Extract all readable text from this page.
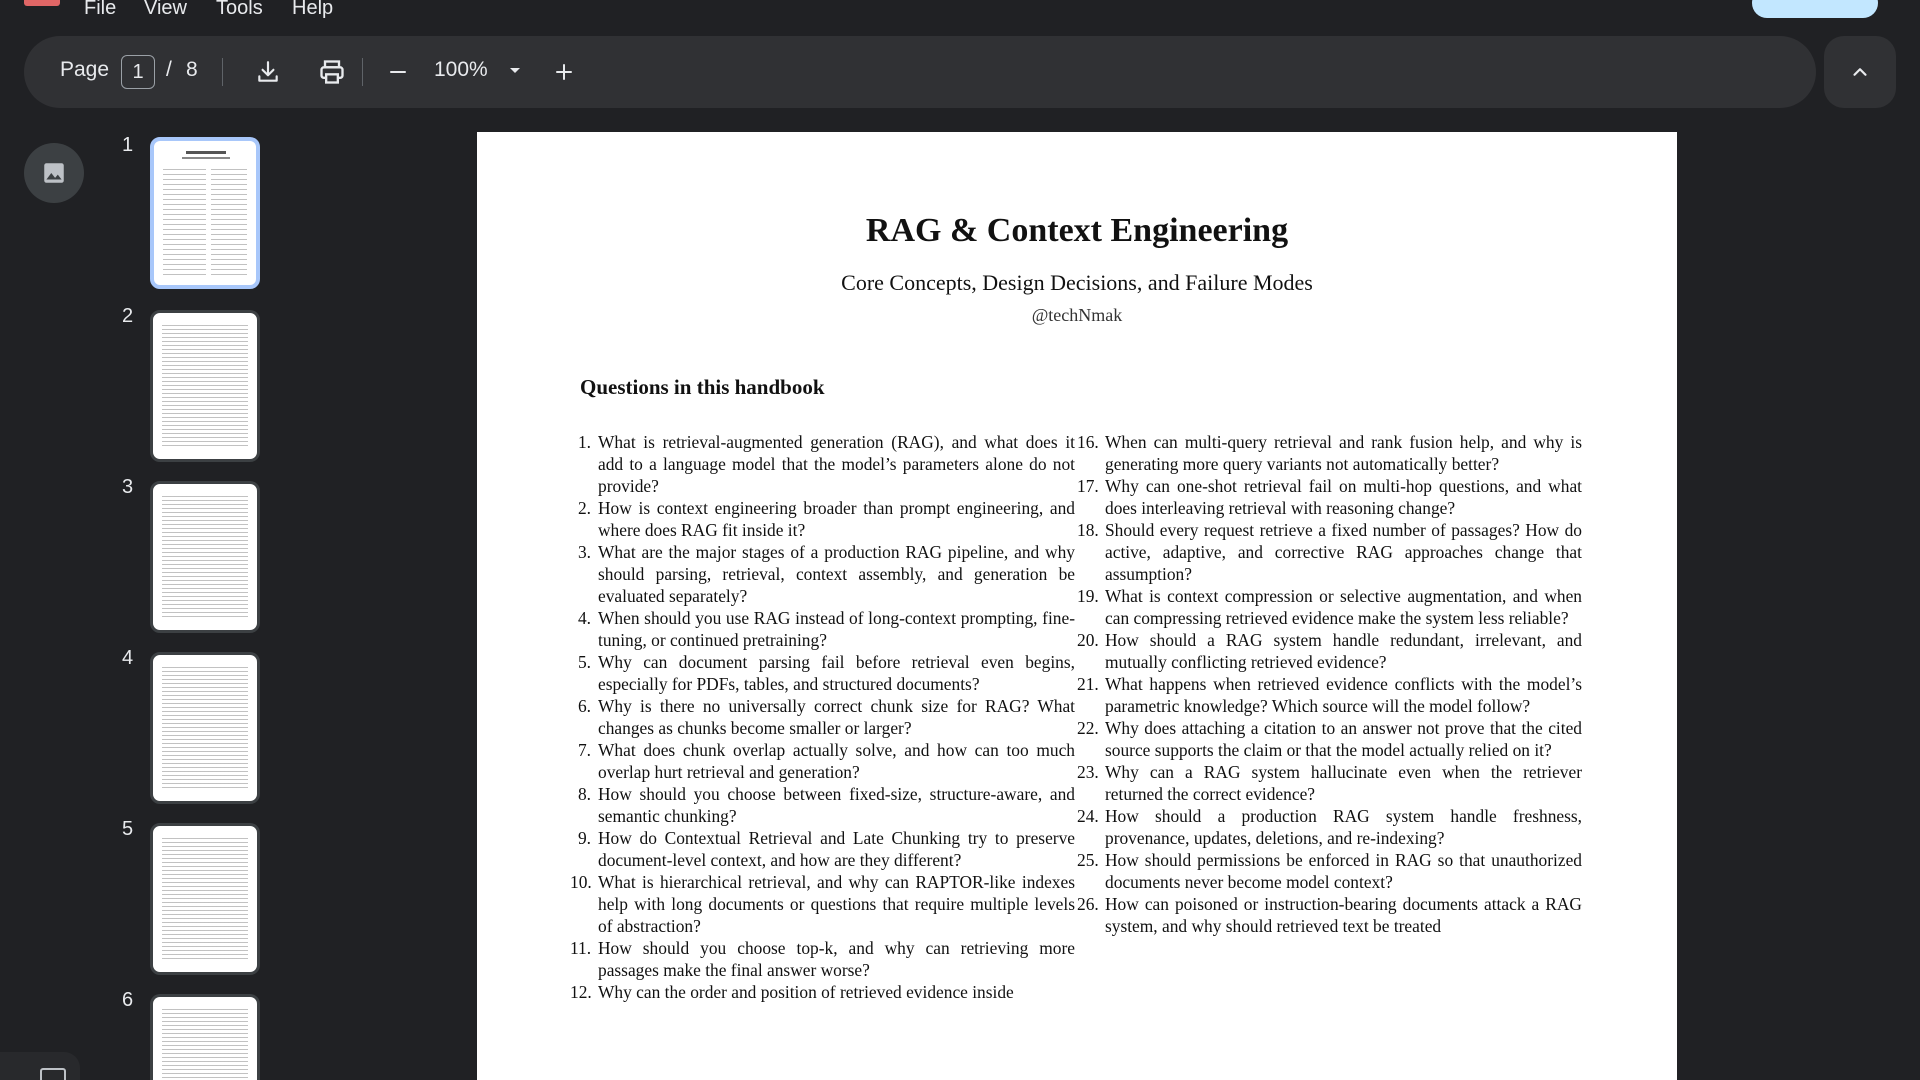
File View Tools Help
Page
1	/ 8	100%
1
2
3
4
5
6
RAG & Context Engineering
Core Concepts, Design Decisions, and Failure Modes
@techNmak
Questions in this handbook
1. What is retrieval-augmented generation (RAG), and what does it add to a language model that the model’s parameters alone do not provide?
2. How is context engineering broader than prompt engineering, and where does RAG fit inside it?
3. What are the major stages of a production RAG pipeline, and why should parsing, retrieval, context assembly, and generation be evaluated separately?
4. When should you use RAG instead of long-context prompting, fine-tuning, or continued pretraining?
5. Why can document parsing fail before retrieval even begins, especially for PDFs, tables, and structured documents?
6. Why is there no universally correct chunk size for RAG? What changes as chunks become smaller or larger?
7. What does chunk overlap actually solve, and how can too much overlap hurt retrieval and generation?
8. How should you choose between fixed-size, structure-aware, and semantic chunking?
9. How do Contextual Retrieval and Late Chunking try to preserve document-level context, and how are they different?
10. What is hierarchical retrieval, and why can RAPTOR-like indexes help with long documents or questions that require multiple levels of abstraction?
11. How should you choose top-k, and why can retrieving more passages make the final answer worse?
12. Why can the order and position of retrieved evidence inside
16. When can multi-query retrieval and rank fusion help, and why is generating more query variants not automatically better?
17. Why can one-shot retrieval fail on multi-hop questions, and what does interleaving retrieval with reasoning change?
18. Should every request retrieve a fixed number of passages? How do active, adaptive, and corrective RAG approaches change that assumption?
19. What is context compression or selective augmentation, and when can compressing retrieved evidence make the system less reliable?
20. How should a RAG system handle redundant, irrelevant, and mutually conflicting retrieved evidence?
21. What happens when retrieved evidence conflicts with the model’s parametric knowledge? Which source will the model follow?
22. Why does attaching a citation to an answer not prove that the cited source supports the claim or that the model actually relied on it?
23. Why can a RAG system hallucinate even when the retriever returned the correct evidence?
24. How should a production RAG system handle freshness, provenance, updates, deletions, and re-indexing?
25. How should permissions be enforced in RAG so that unauthorized documents never become model context?
26. How can poisoned or instruction-bearing documents attack a RAG system, and why should retrieved text be treated
